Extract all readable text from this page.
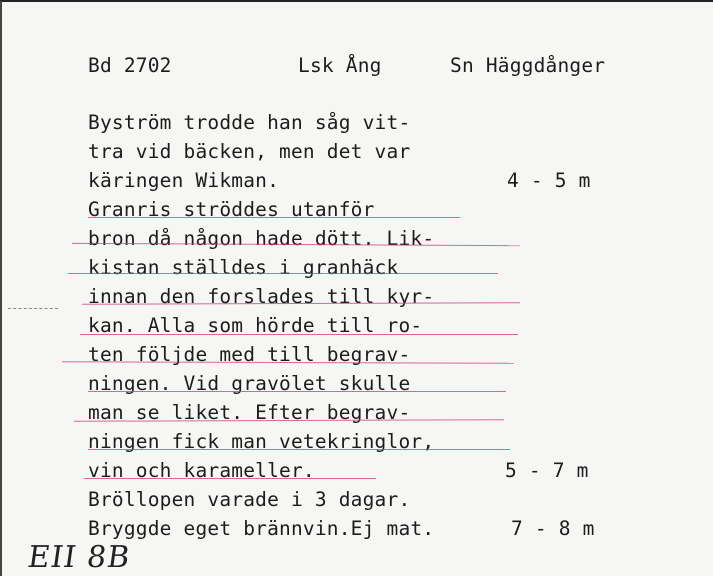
Bd 2702	Lsk Ång	Sn Häggdånger
Byström trodde han såg vit-
tra vid bäcken, men det var
käringen Wikman.	4 - 5 m
Granris ströddes utanför
bron då någon hade dött. Lik-
kistan ställdes i granhäck
innan den forslades till kyr-
kan. Alla som hörde till ro-
ten följde med till begrav-
ningen. Vid gravölet skulle
man se liket. Efter begrav-
ningen fick man vetekringlor,
vin och karameller.	5 - 7 m
Bröllopen varade i 3 dagar.
Bryggde eget brännvin.Ej mat.	7 - 8 m
EII 8B
